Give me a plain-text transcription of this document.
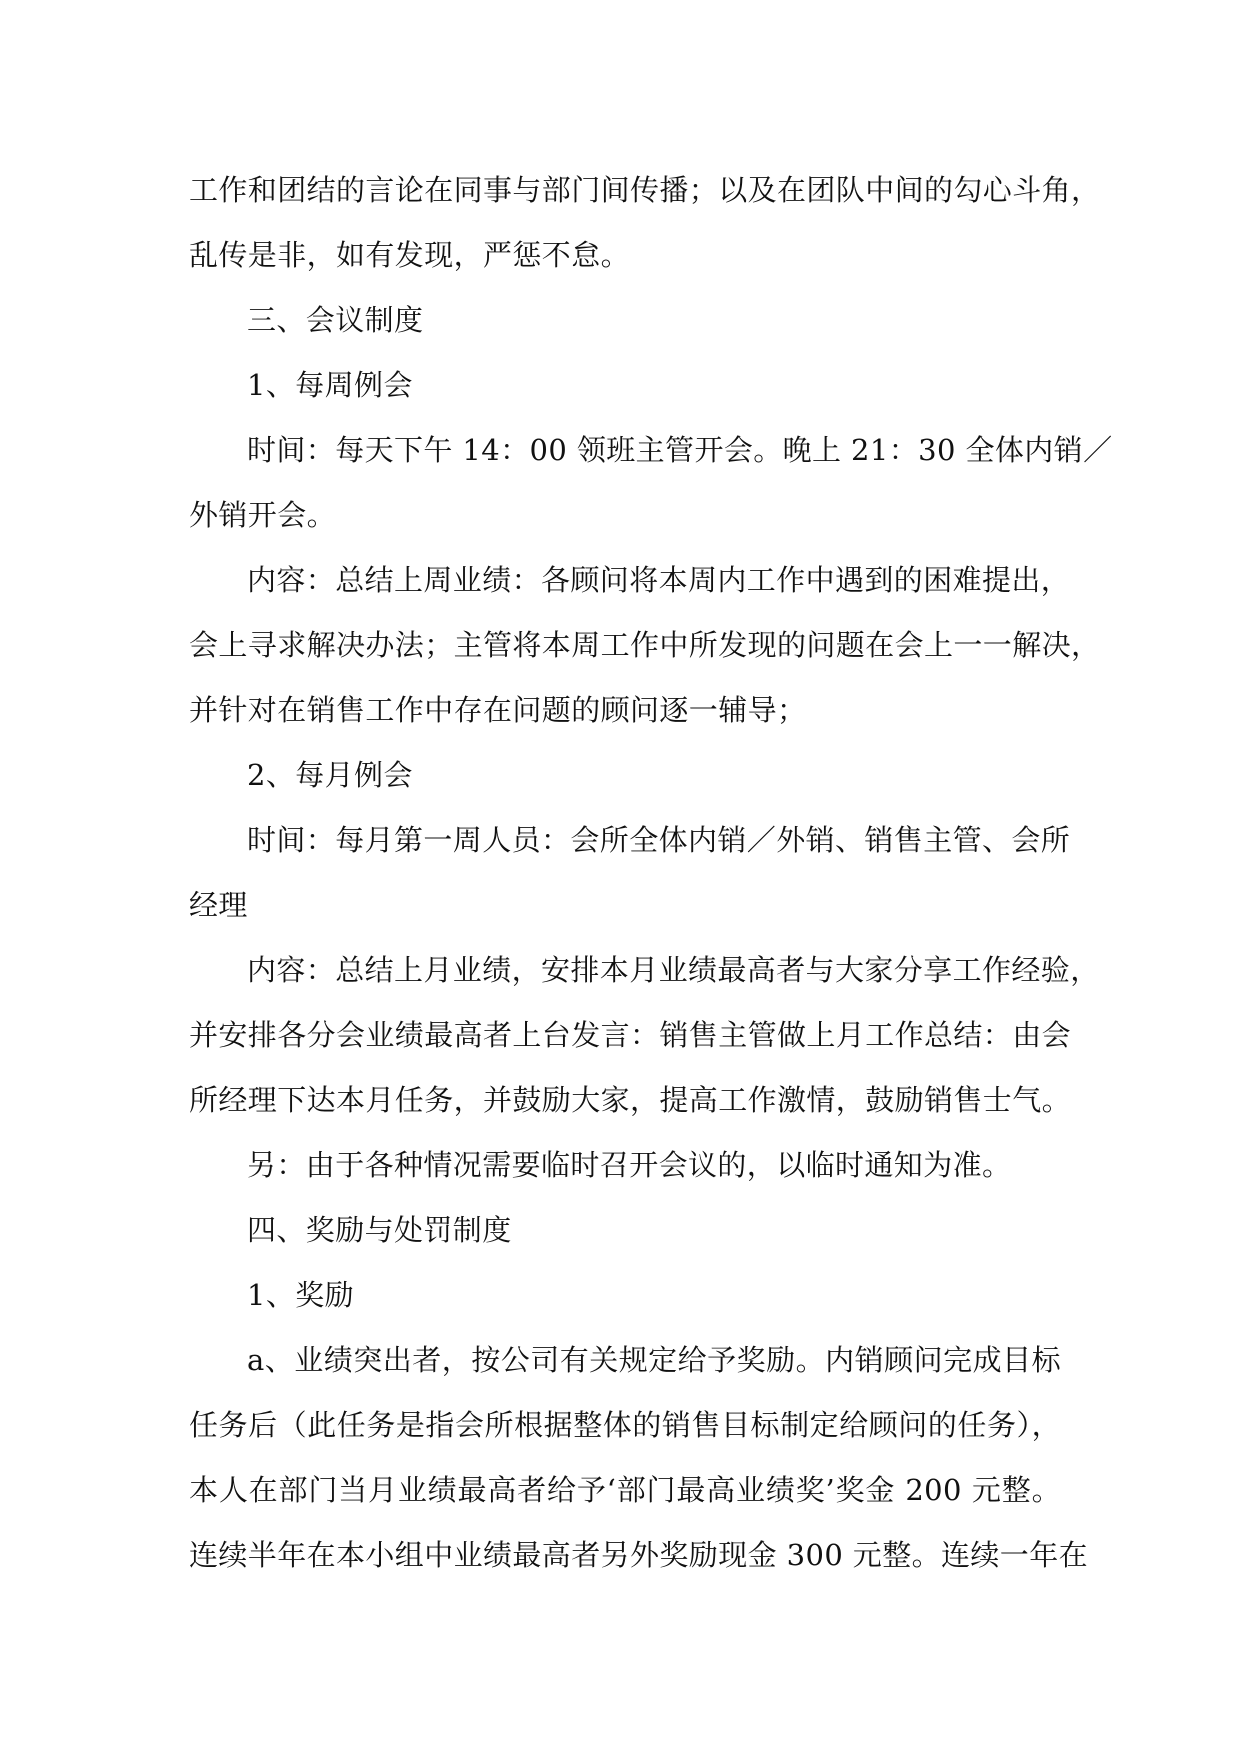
工作和团结的言论在同事与部门间传播；以及在团队中间的勾心斗角，
乱传是非，如有发现，严惩不怠。
三、会议制度
1、每周例会
时间：每天下午 14：00 领班主管开会。晚上 21：30 全体内销／
外销开会。
内容：总结上周业绩：各顾问将本周内工作中遇到的困难提出，
会上寻求解决办法；主管将本周工作中所发现的问题在会上一一解决，
并针对在销售工作中存在问题的顾问逐一辅导；
2、每月例会
时间：每月第一周人员：会所全体内销／外销、销售主管、会所
经理
内容：总结上月业绩，安排本月业绩最高者与大家分享工作经验，
并安排各分会业绩最高者上台发言：销售主管做上月工作总结：由会
所经理下达本月任务，并鼓励大家，提高工作激情，鼓励销售士气。
另：由于各种情况需要临时召开会议的，以临时通知为准。
四、奖励与处罚制度
1、奖励
a、业绩突出者，按公司有关规定给予奖励。内销顾问完成目标
任务后（此任务是指会所根据整体的销售目标制定给顾问的任务），
本人在部门当月业绩最高者给予‘部门最高业绩奖’奖金 200 元整。
连续半年在本小组中业绩最高者另外奖励现金 300 元整。连续一年在
